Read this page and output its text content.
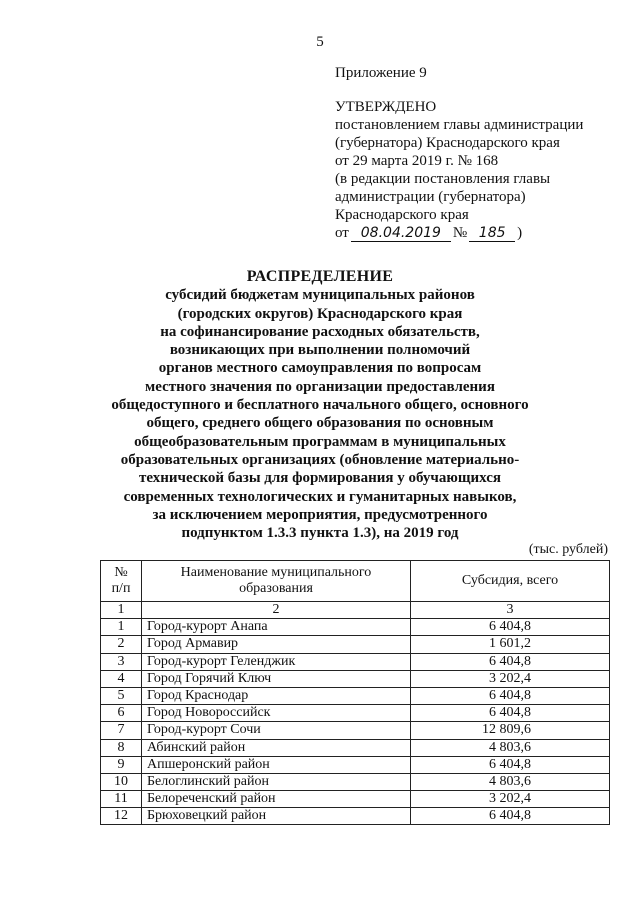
5
Приложение 9
УТВЕРЖДЕНО
постановлением главы администрации
(губернатора) Краснодарского края
от 29 марта 2019 г. № 168
(в редакции постановления главы
администрации (губернатора)
Краснодарского края
от 08.04.2019 № 185 )
РАСПРЕДЕЛЕНИЕ
субсидий бюджетам муниципальных районов
(городских округов) Краснодарского края
на софинансирование расходных обязательств,
возникающих при выполнении полномочий
органов местного самоуправления по вопросам
местного значения по организации предоставления
общедоступного и бесплатного начального общего, основного
общего, среднего общего образования по основным
общеобразовательным программам в муниципальных
образовательных организациях (обновление материально-
технической базы для формирования у обучающихся
современных технологических и гуманитарных навыков,
за исключением мероприятия, предусмотренного
подпунктом 1.3.3 пункта 1.3), на 2019 год
(тыс. рублей)
№
п/п	Наименование муниципального образования	Субсидия, всего
1	2	3
1	Город-курорт Анапа	6 404,8
2	Город Армавир	1 601,2
3	Город-курорт Геленджик	6 404,8
4	Город Горячий Ключ	3 202,4
5	Город Краснодар	6 404,8
6	Город Новороссийск	6 404,8
7	Город-курорт Сочи	12 809,6
8	Абинский район	4 803,6
9	Апшеронский район	6 404,8
10	Белоглинский район	4 803,6
11	Белореченский район	3 202,4
12	Брюховецкий район	6 404,8
